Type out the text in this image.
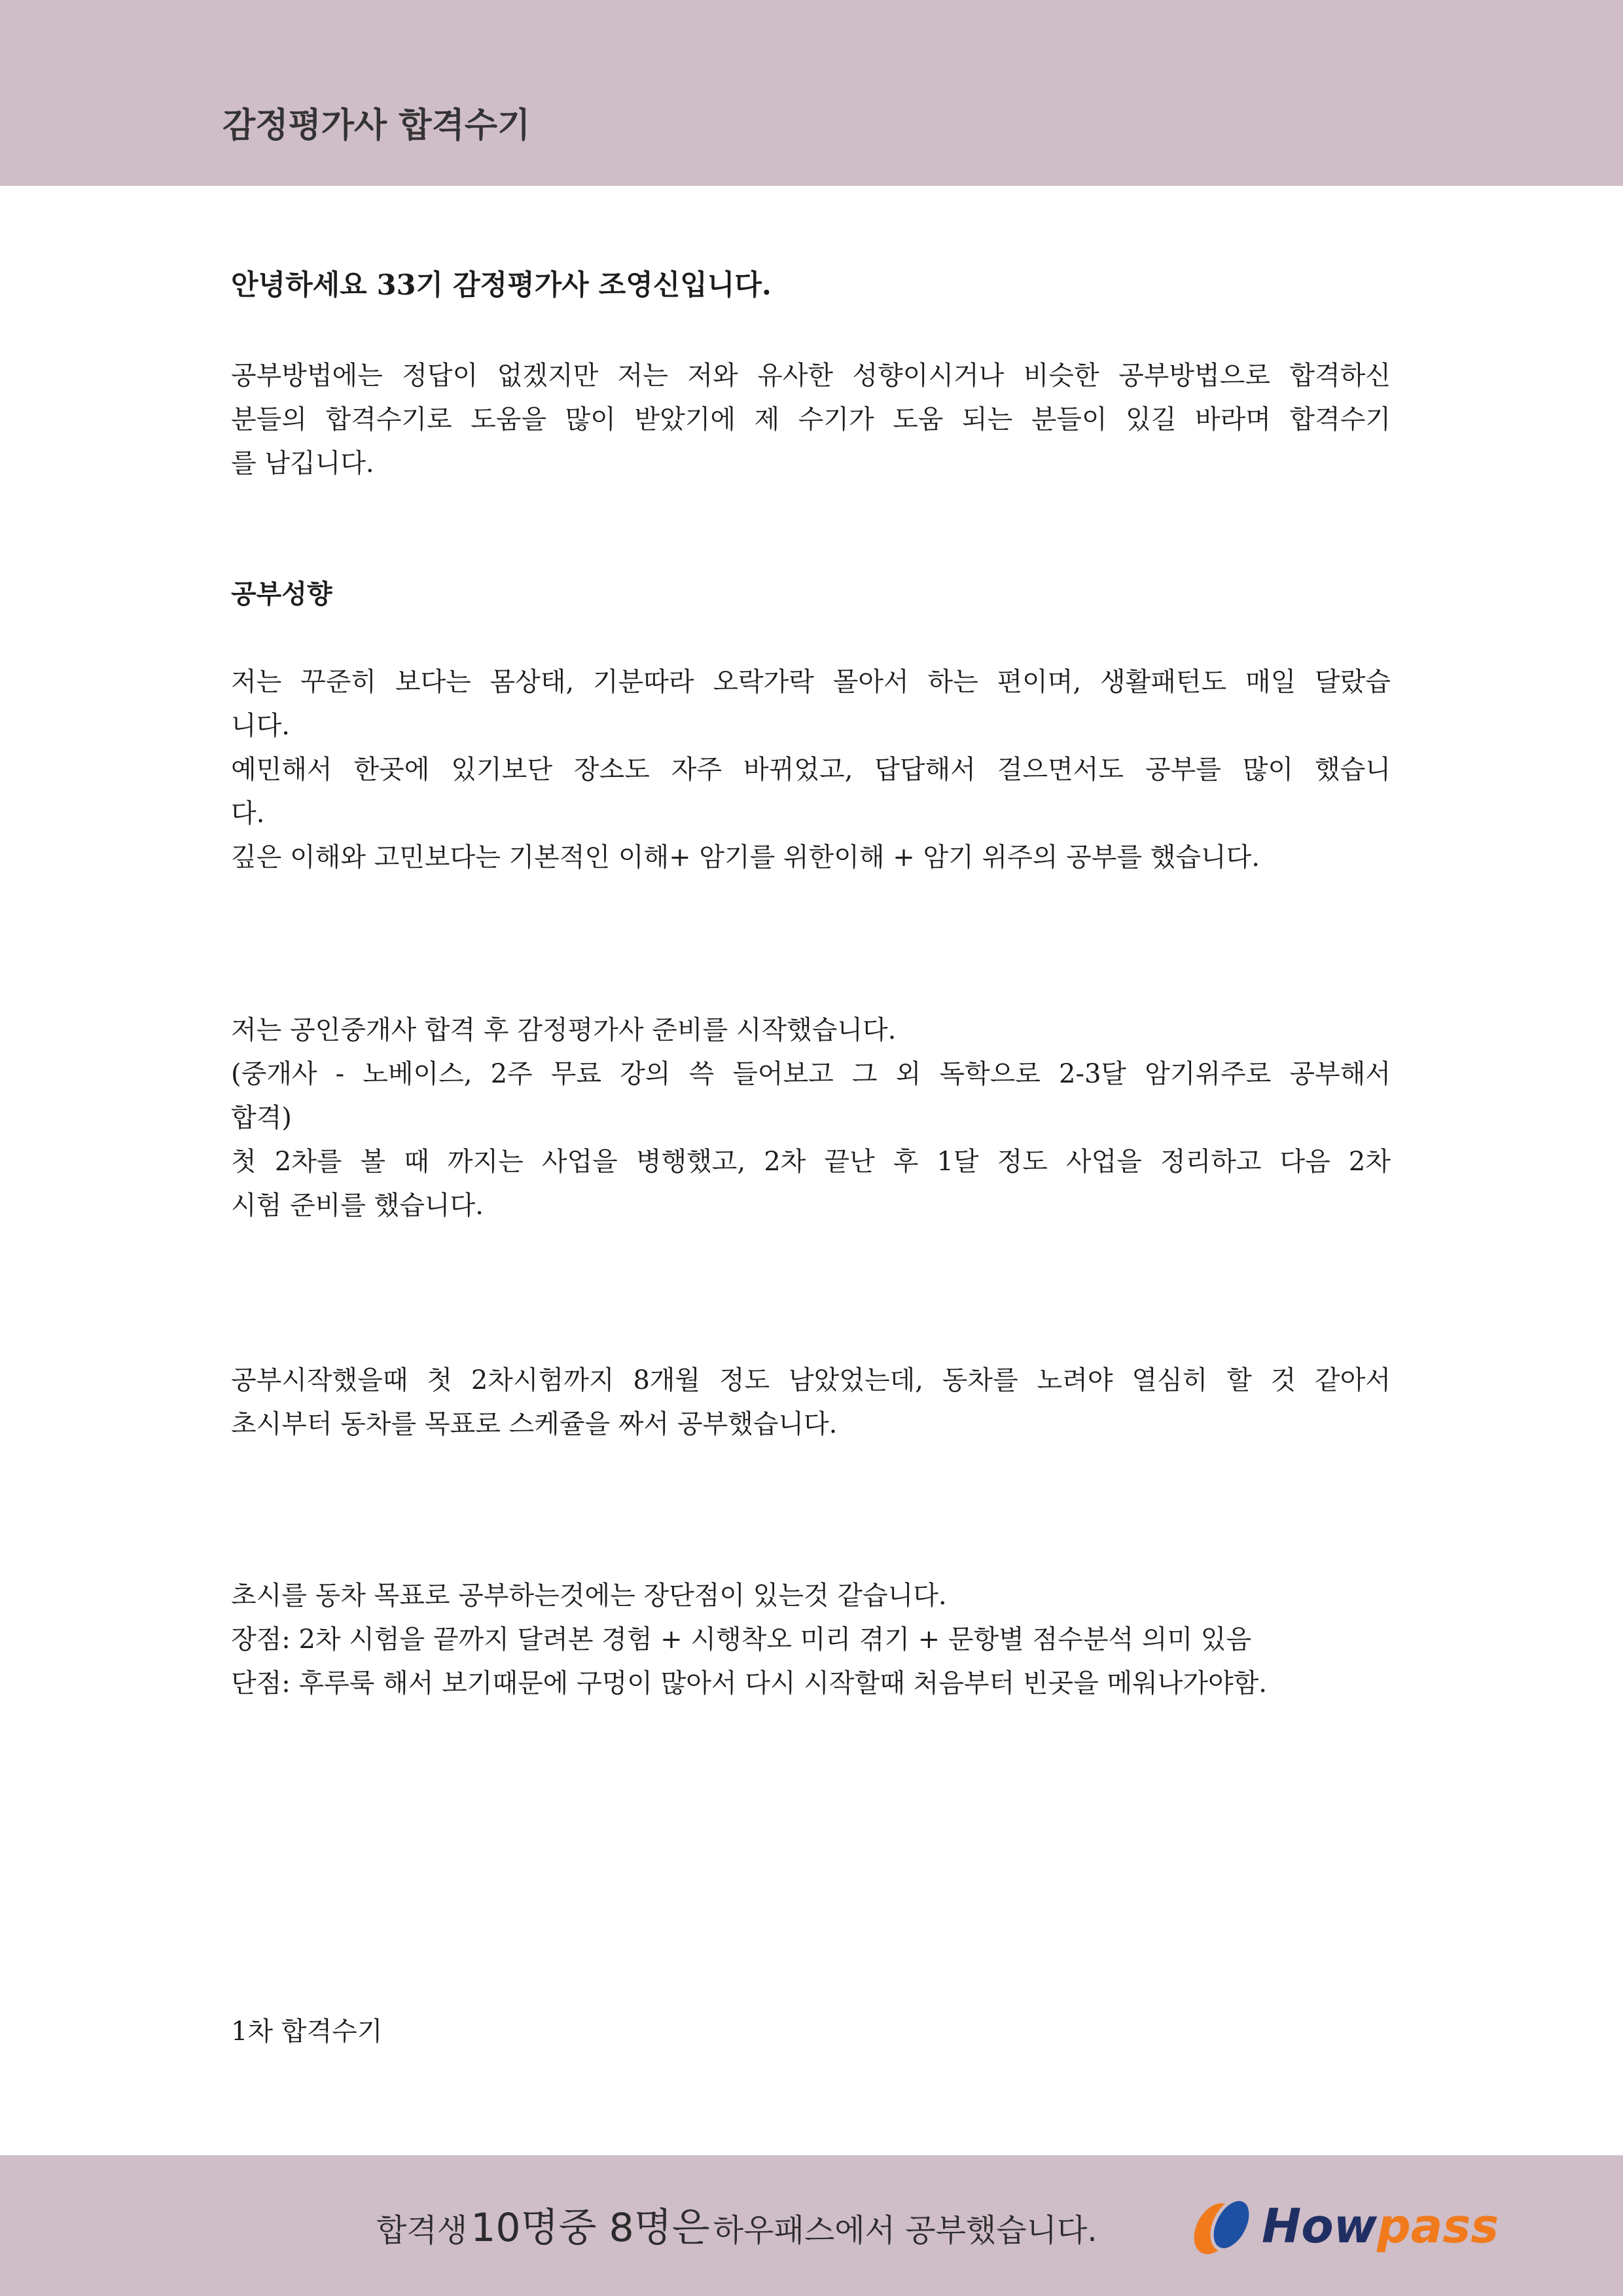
감정평가사 합격수기
안녕하세요 33기 감정평가사 조영신입니다.
공부방법에는 정답이 없겠지만 저는 저와 유사한 성향이시거나 비슷한 공부방법으로 합격하신
분들의 합격수기로 도움을 많이 받았기에 제 수기가 도움 되는 분들이 있길 바라며 합격수기
를 남깁니다.
공부성향
저는 꾸준히 보다는 몸상태, 기분따라 오락가락 몰아서 하는 편이며, 생활패턴도 매일 달랐습
니다.
예민해서 한곳에 있기보단 장소도 자주 바뀌었고, 답답해서 걸으면서도 공부를 많이 했습니
다.
깊은 이해와 고민보다는 기본적인 이해+ 암기를 위한이해 + 암기 위주의 공부를 했습니다.
저는 공인중개사 합격 후 감정평가사 준비를 시작했습니다.
(중개사 - 노베이스, 2주 무료 강의 쓱 들어보고 그 외 독학으로 2-3달 암기위주로 공부해서
합격)
첫 2차를 볼 때 까지는 사업을 병행했고, 2차 끝난 후 1달 정도 사업을 정리하고 다음 2차
시험 준비를 했습니다.
공부시작했을때 첫 2차시험까지 8개월 정도 남았었는데, 동차를 노려야 열심히 할 것 같아서
초시부터 동차를 목표로 스케쥴을 짜서 공부했습니다.
초시를 동차 목표로 공부하는것에는 장단점이 있는것 같습니다.
장점: 2차 시험을 끝까지 달려본 경험 + 시행착오 미리 겪기 + 문항별 점수분석 의미 있음
단점: 후루룩 해서 보기때문에 구멍이 많아서 다시 시작할때 처음부터 빈곳을 메워나가야함.
1차 합격수기
합격생 10명중 8명은 하우패스에서 공부했습니다.	Howpass
